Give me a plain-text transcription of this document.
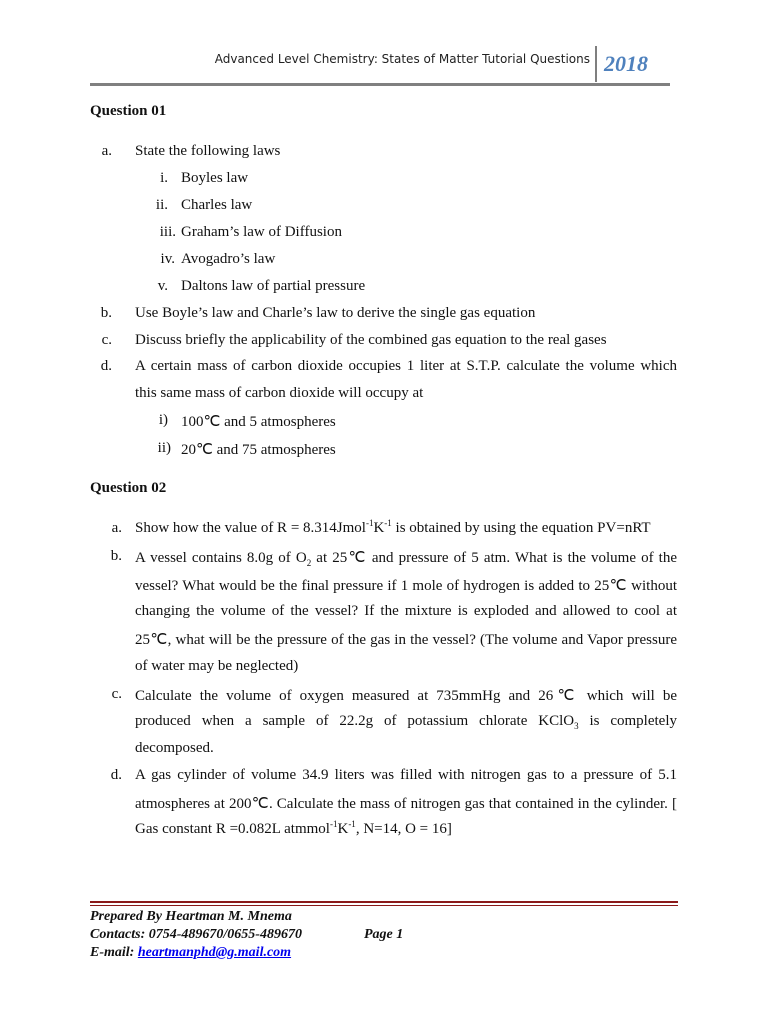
Advanced Level Chemistry: States of Matter Tutorial Questions 2018
Question 01
a. State the following laws
i. Boyles law
ii. Charles law
iii. Graham’s law of Diffusion
iv. Avogadro’s law
v. Daltons law of partial pressure
b. Use Boyle’s law and Charle’s law to derive the single gas equation
c. Discuss briefly the applicability of the combined gas equation to the real gases
d. A certain mass of carbon dioxide occupies 1 liter at S.T.P. calculate the volume which
this same mass of carbon dioxide will occupy at
i) 100℃ and 5 atmospheres
ii) 20℃ and 75 atmospheres
Question 02
a. Show how the value of $R = 8.314Jmol^{-1}K^{-1}$ is obtained by using the equation PV=nRT
b. A vessel contains 8.0g of $O_2$ at 25℃ and pressure of 5 atm. What is the volume of the
vessel? What would be the final pressure if 1 mole of hydrogen is added to 25℃ without
changing the volume of the vessel? If the mixture is exploded and allowed to cool at
25℃, what will be the pressure of the gas in the vessel? (The volume and Vapor pressure
of water may be neglected)
c. Calculate the volume of oxygen measured at 735mmHg and 26℃ which will be
produced when a sample of 22.2g of potassium chlorate KClO$_3$ is completely
decomposed.
d. A gas cylinder of volume 34.9 liters was filled with nitrogen gas to a pressure of 5.1
atmospheres at 200℃. Calculate the mass of nitrogen gas that contained in the cylinder. [
Gas constant R =0.082L $atmmol^{-1}K^{-1}$, N=14, O = 16]
Prepared By Heartman M. Mnema
Contacts: 0754-489670/0655-489670	Page 1
E-mail: heartmanphd@g.mail.com
